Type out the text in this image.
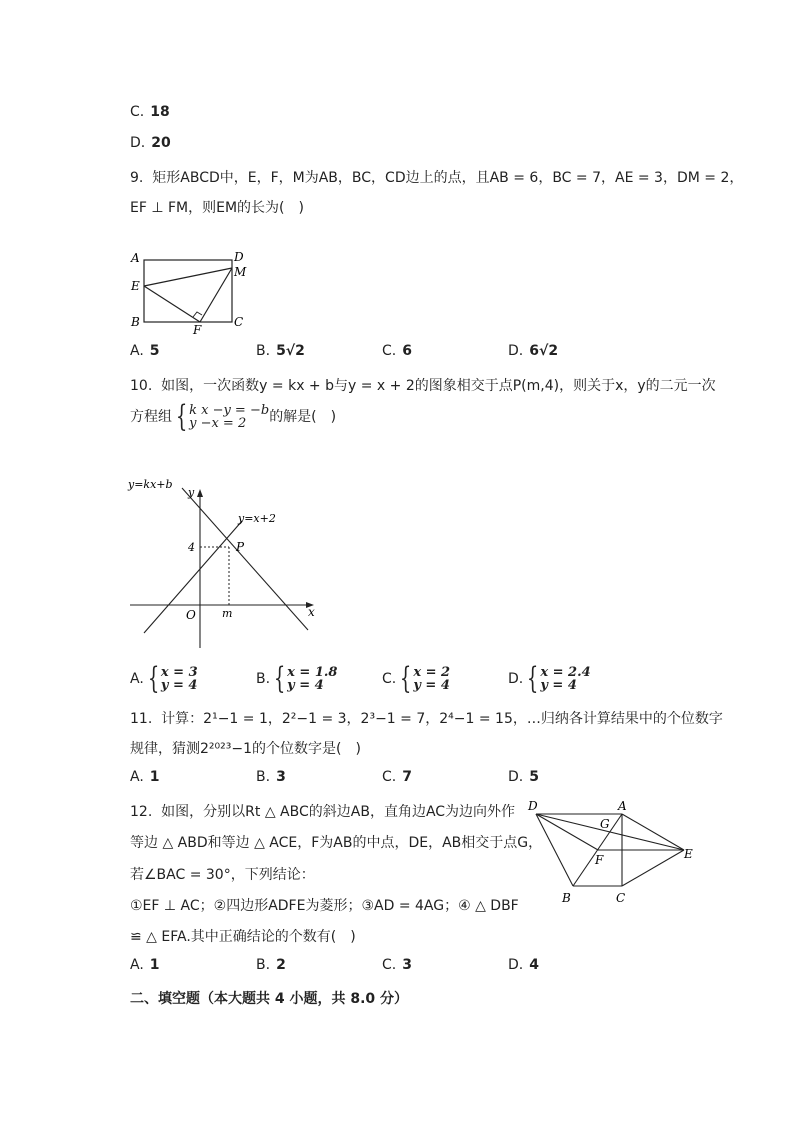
C. 18
D. 20
9. 矩形ABCD中，E，F，M为AB，BC，CD边上的点，且AB = 6，BC = 7，AE = 3，DM = 2，
EF ⊥ FM，则EM的长为(　)
A	D
M
E
B
F
C
A. 5	B. 5√2	C. 6	D. 6√2
10. 如图，一次函数y = kx + b与y = x + 2的图象相交于点P(m,4)，则关于x，y的二元一次
方程组 { k x −y = −b
y −x = 2	的解是(　)
y=kx+b
y
y=x+2
4	P
O m	x
A. { x = 3
y = 4	B. { x = 1.8
y = 4	C. { x = 2
y = 4	D. { x = 2.4
y = 4
11. 计算：2¹−1 = 1，2²−1 = 3，2³−1 = 7，2⁴−1 = 15，…归纳各计算结果中的个位数字
规律，猜测2²⁰²³−1的个位数字是(　)
A. 1	B. 3	C. 7	D. 5
12. 如图，分别以Rt △ ABC的斜边AB，直角边AC为边向外作
等边 △ ABD和等边 △ ACE，F为AB的中点，DE，AB相交于点G，
若∠BAC = 30°，下列结论：
①EF ⊥ AC；②四边形ADFE为菱形；③AD = 4AG；④ △ DBF
≌ △ EFA.其中正确结论的个数有(　)
D	A
G
F	E
B	C
A. 1	B. 2	C. 3	D. 4
二、填空题（本大题共 4 小题，共 8.0 分）
